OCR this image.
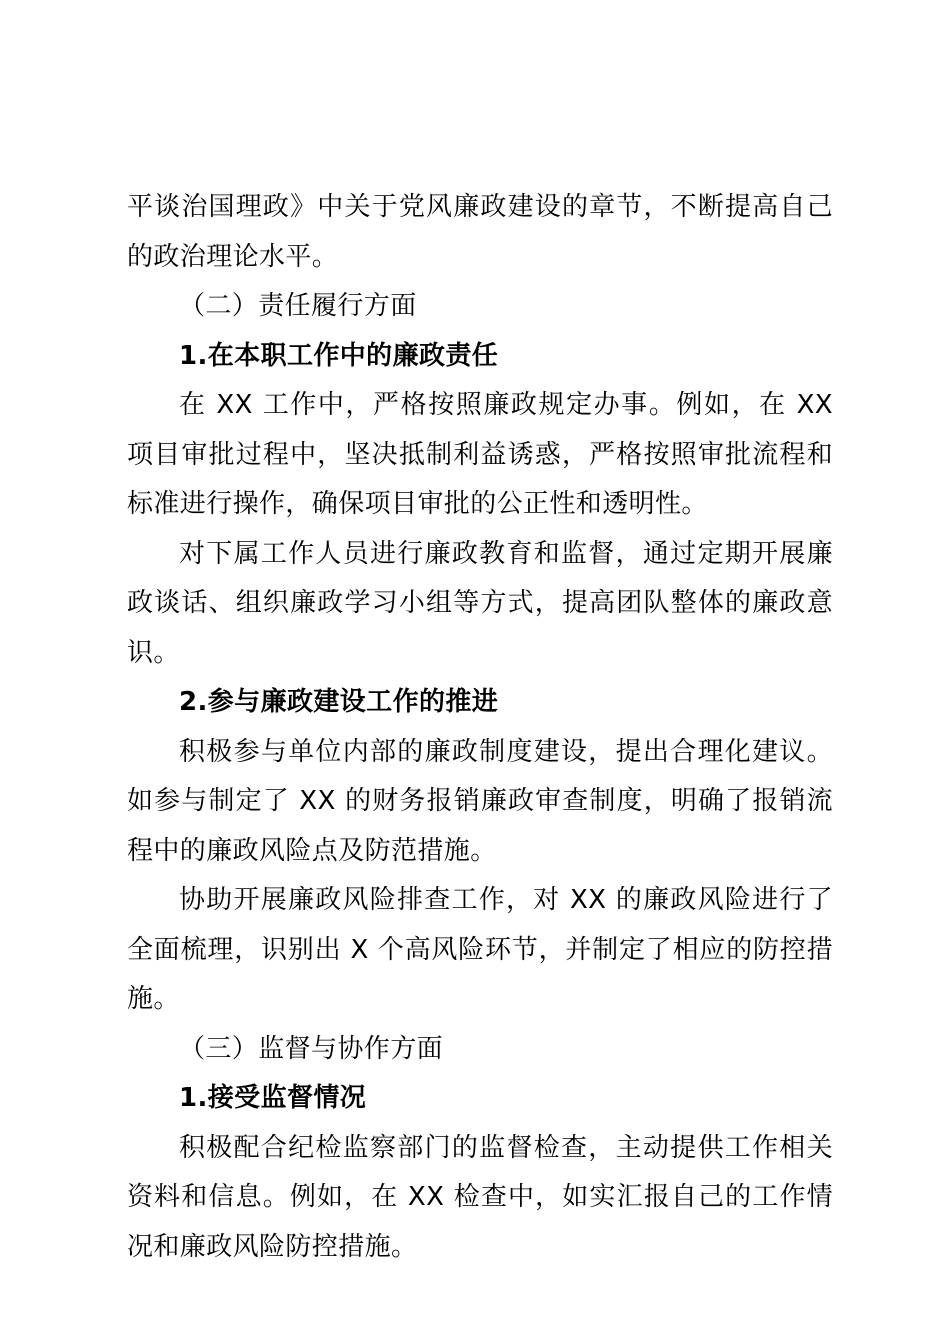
平谈治国理政》中关于党风廉政建设的章节，不断提高自己的政治理论水平。

（二）责任履行方面

1.在本职工作中的廉政责任

在 XX 工作中，严格按照廉政规定办事。例如，在 XX 项目审批过程中，坚决抵制利益诱惑，严格按照审批流程和标准进行操作，确保项目审批的公正性和透明性。

对下属工作人员进行廉政教育和监督，通过定期开展廉政谈话、组织廉政学习小组等方式，提高团队整体的廉政意识。

2.参与廉政建设工作的推进

积极参与单位内部的廉政制度建设，提出合理化建议。如参与制定了 XX 的财务报销廉政审查制度，明确了报销流程中的廉政风险点及防范措施。

协助开展廉政风险排查工作，对 XX 的廉政风险进行了全面梳理，识别出 X 个高风险环节，并制定了相应的防控措施。

（三）监督与协作方面

1.接受监督情况

积极配合纪检监察部门的监督检查，主动提供工作相关资料和信息。例如，在 XX 检查中，如实汇报自己的工作情况和廉政风险防控措施。
